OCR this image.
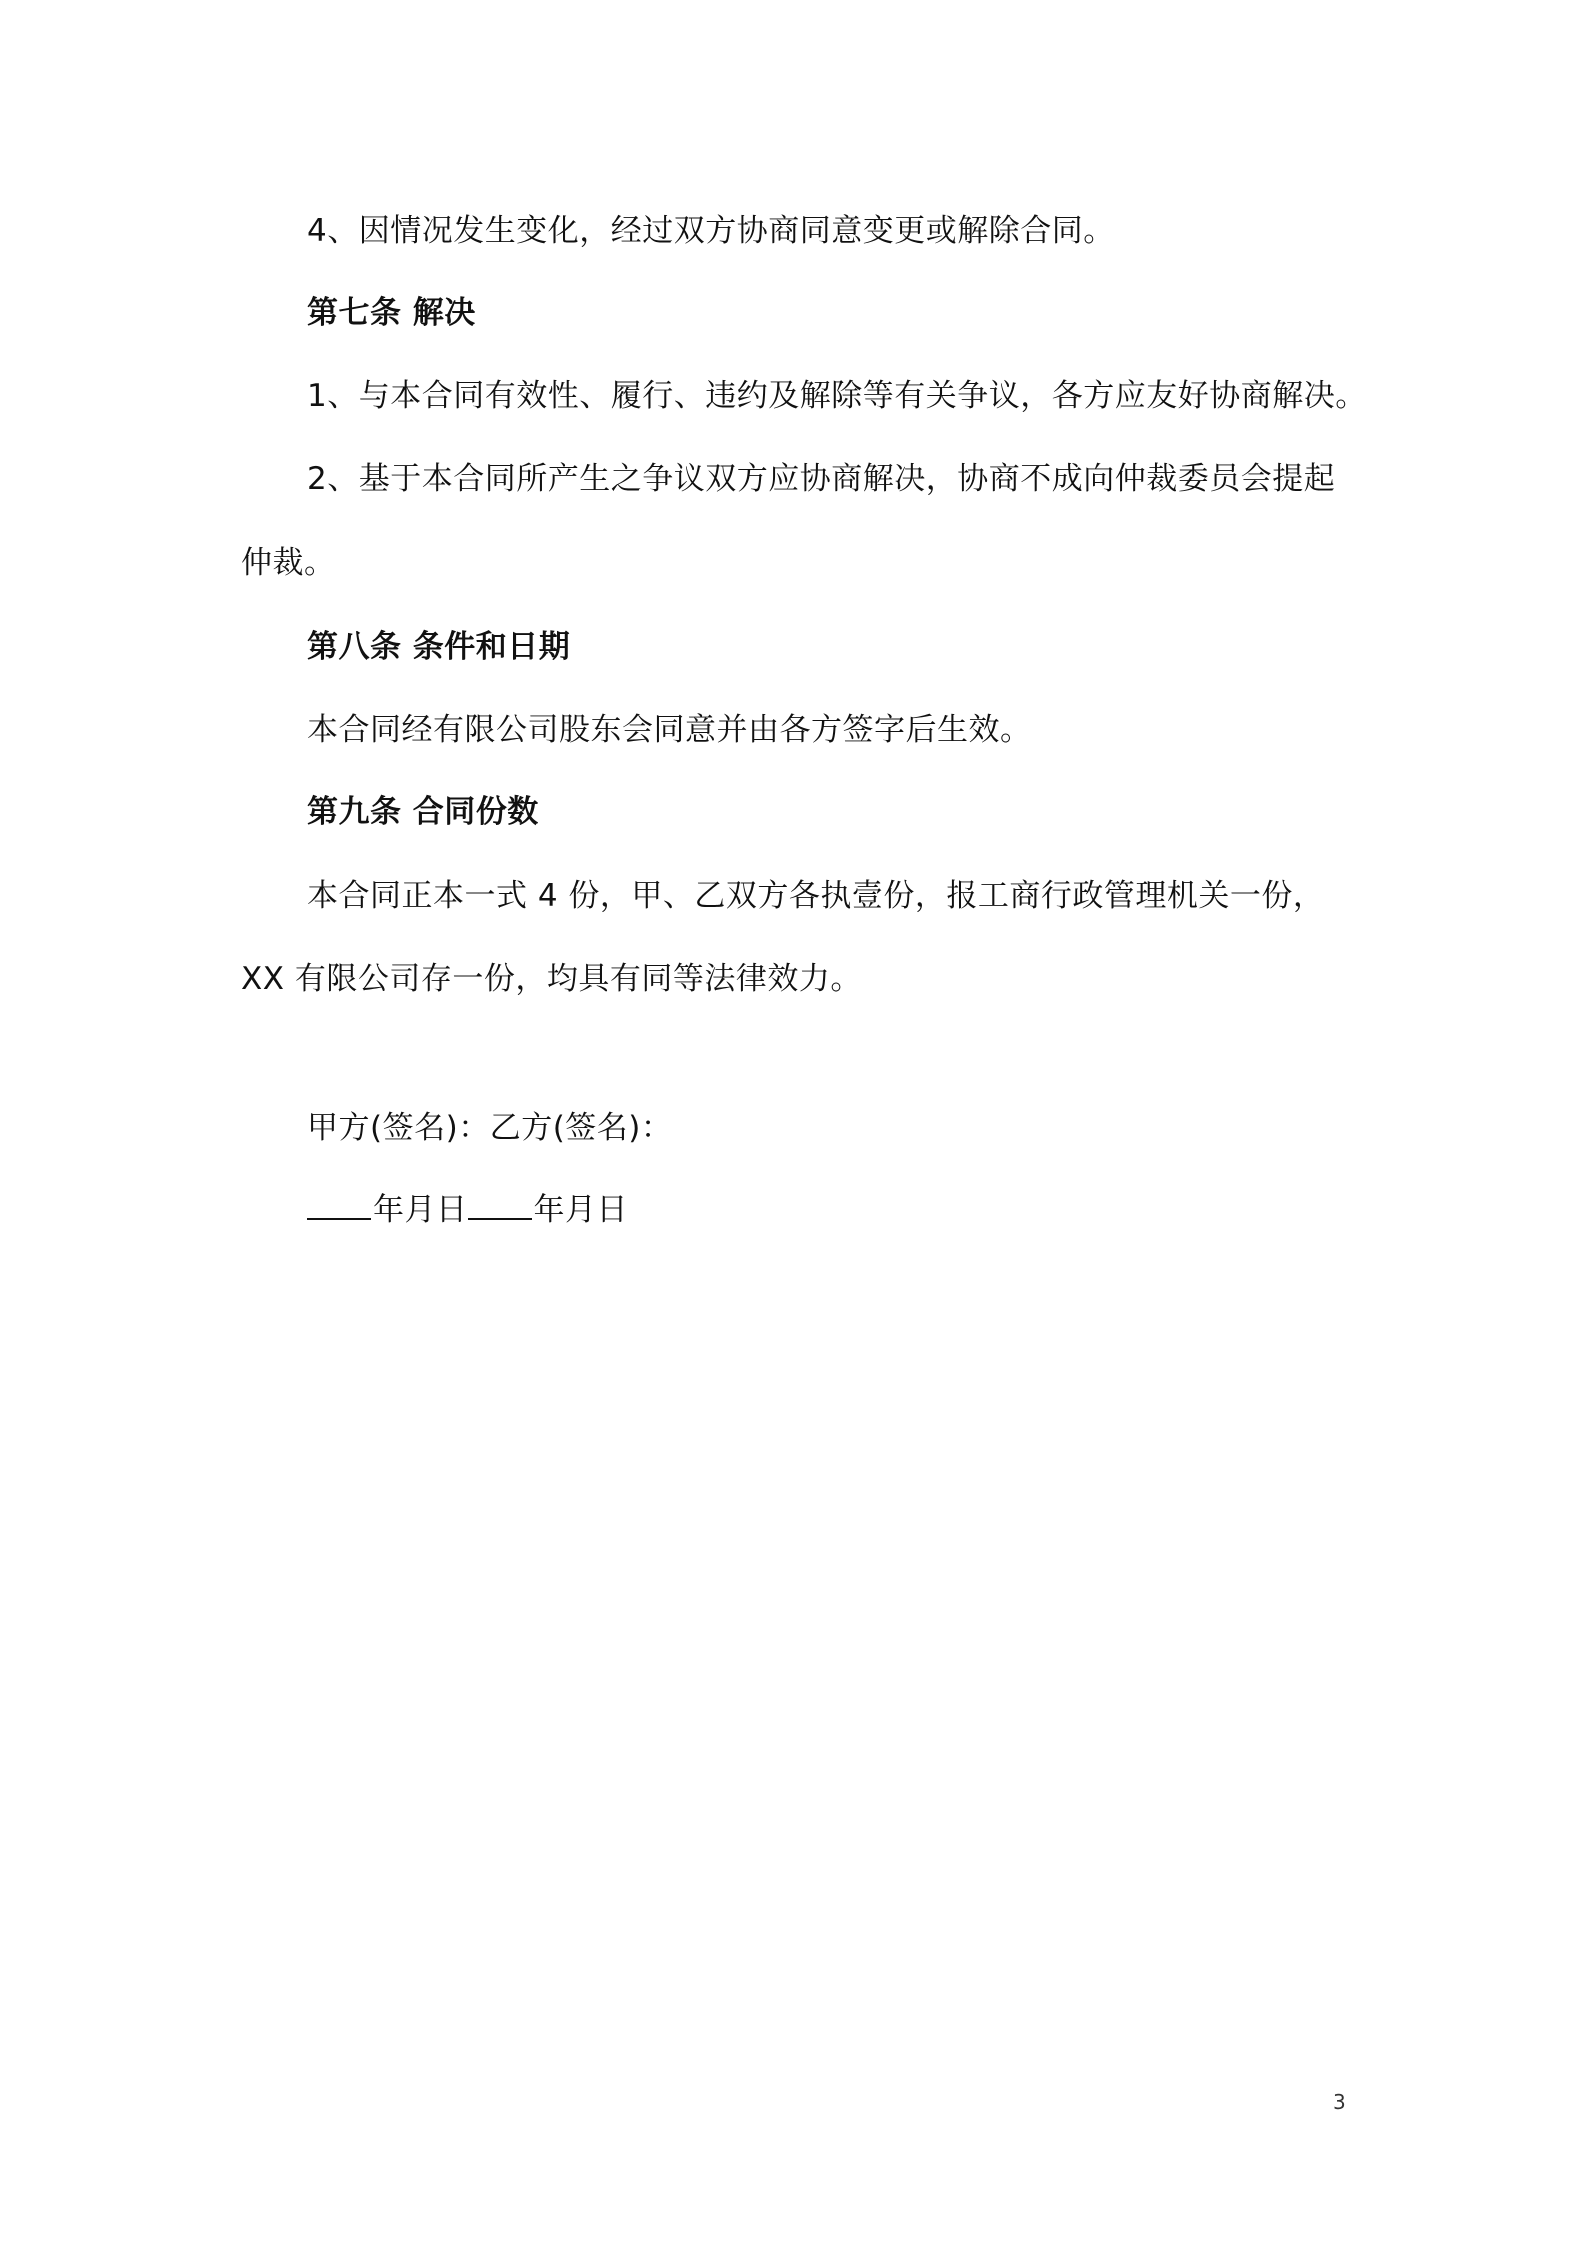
4、因情况发生变化，经过双方协商同意变更或解除合同。
第七条 解决
1、与本合同有效性、履行、违约及解除等有关争议，各方应友好协商解决。
2、基于本合同所产生之争议双方应协商解决，协商不成向仲裁委员会提起
仲裁。
第八条 条件和日期
本合同经有限公司股东会同意并由各方签字后生效。
第九条 合同份数
本合同正本一式 4 份，甲、乙双方各执壹份，报工商行政管理机关一份，
XX 有限公司存一份，均具有同等法律效力。
甲方(签名)：乙方(签名)：
年月日 年月日
3
